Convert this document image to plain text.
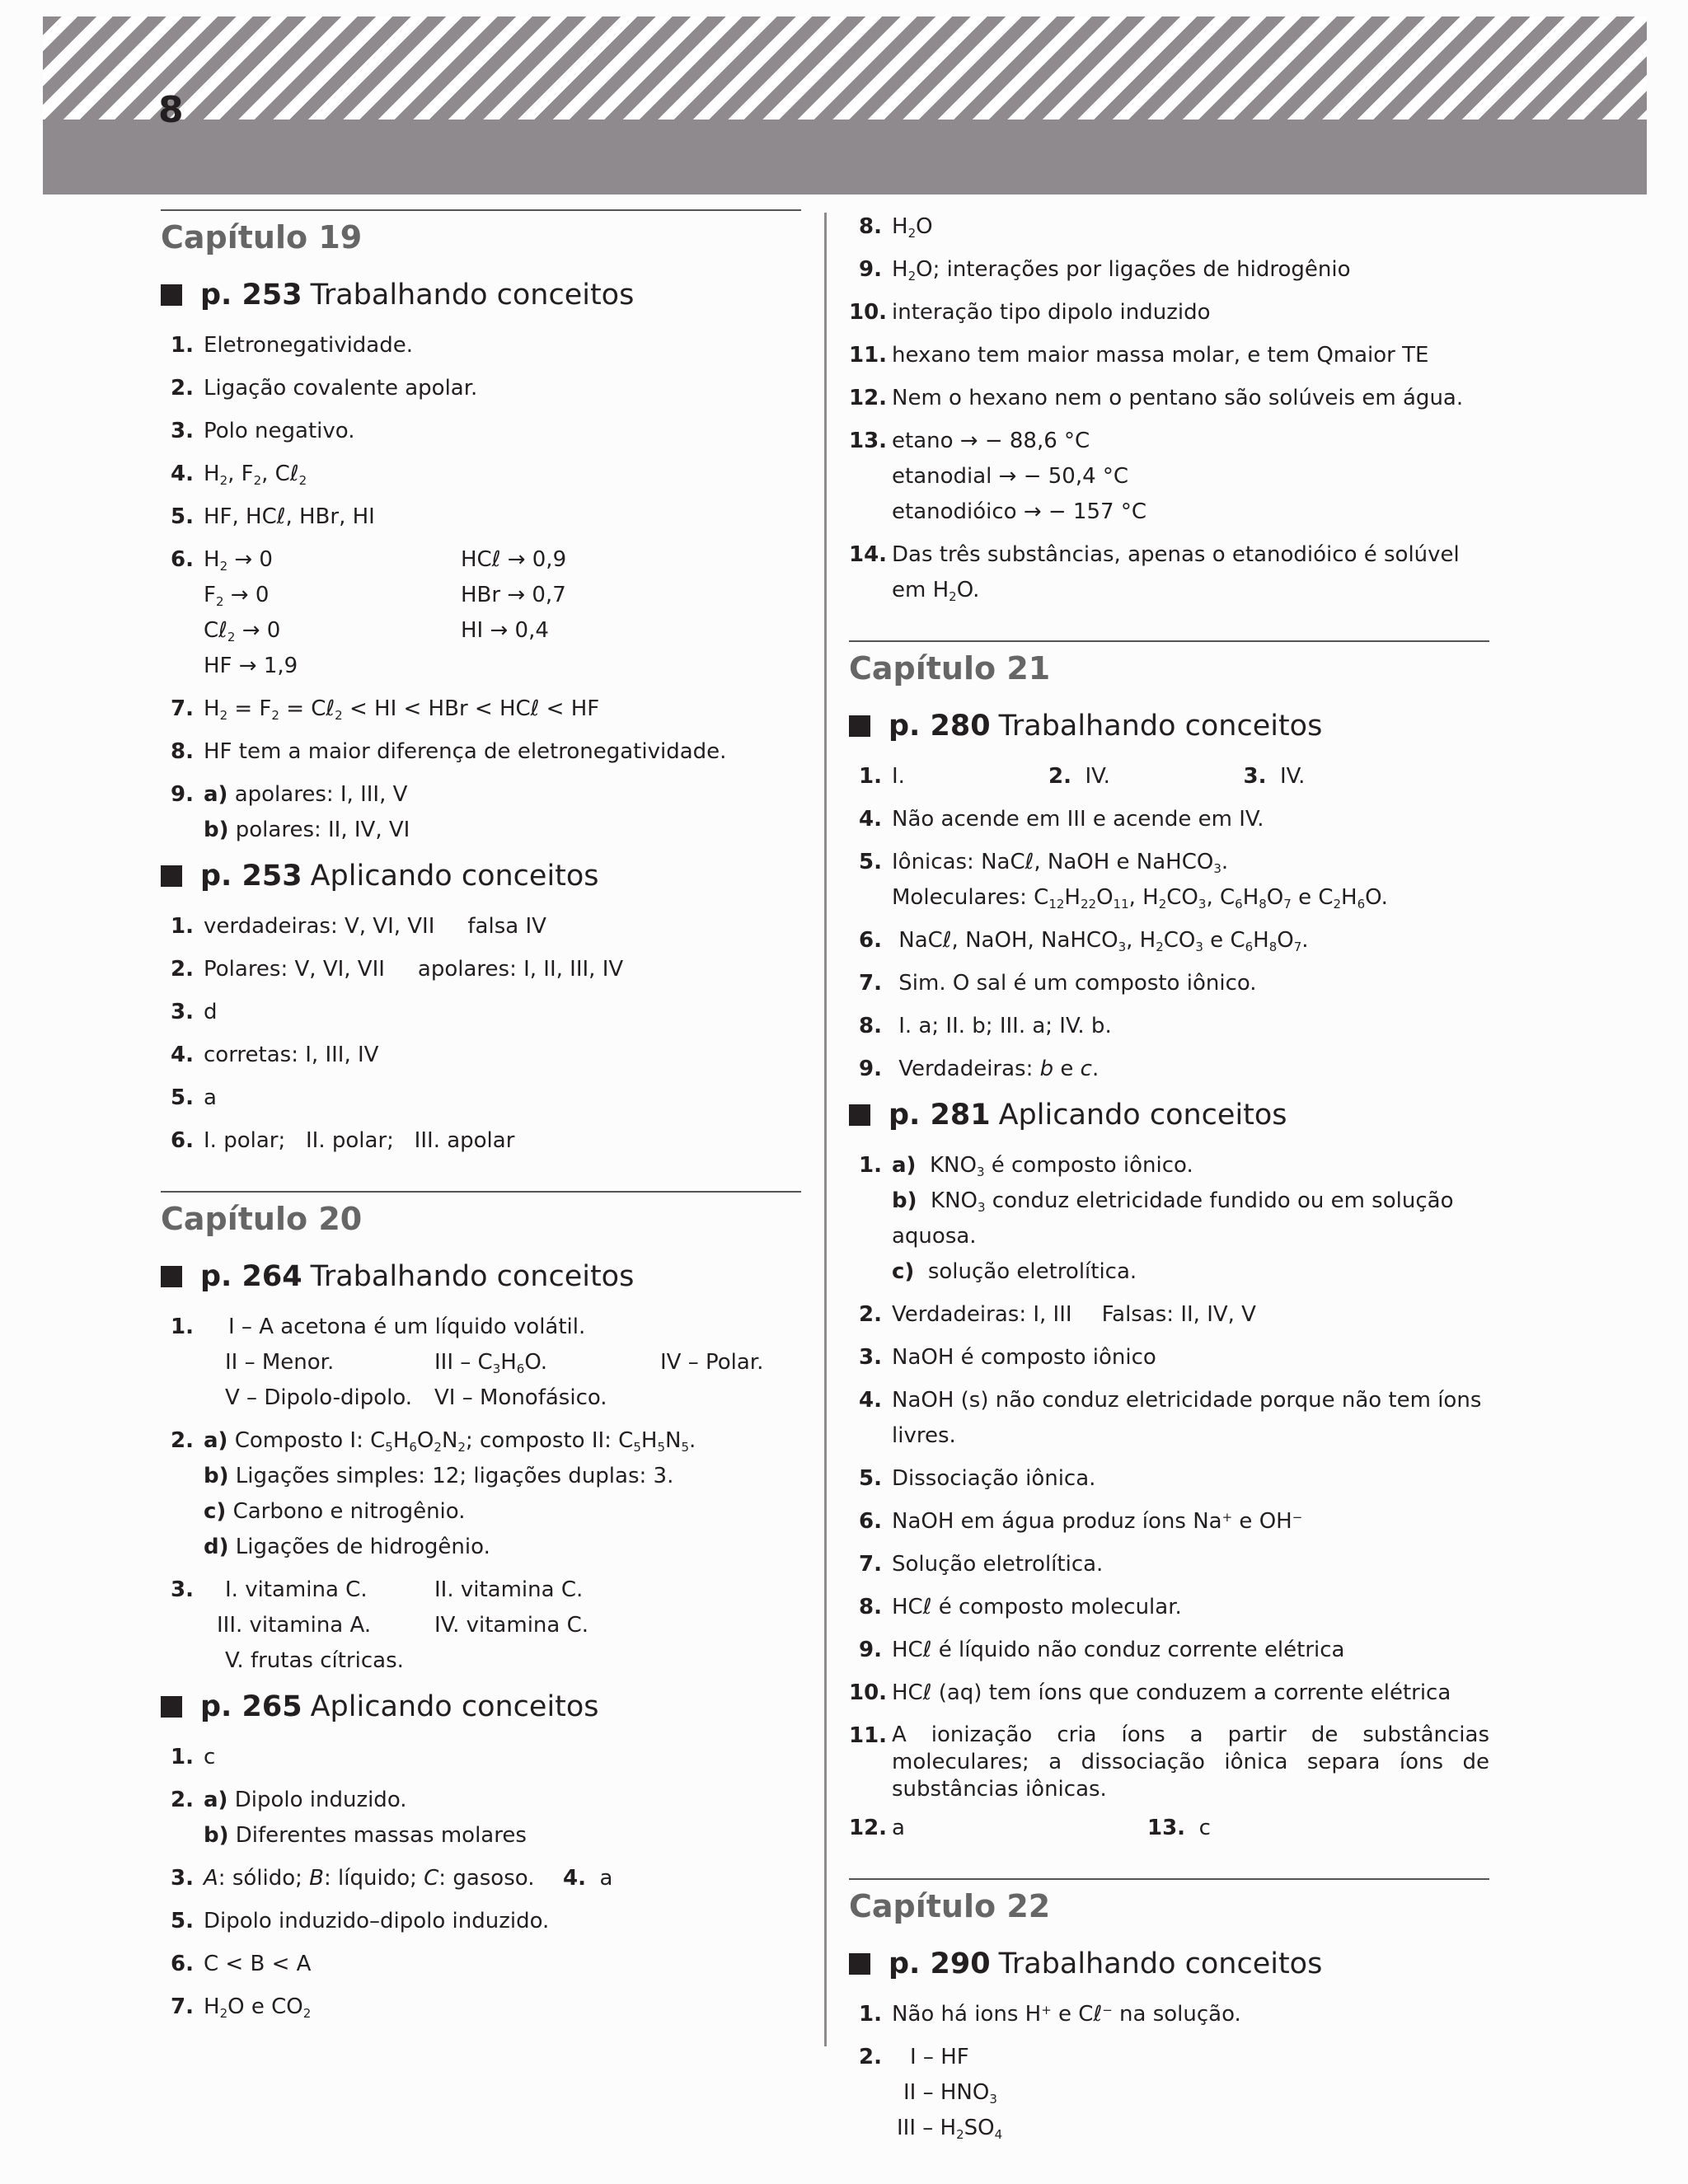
8
Capítulo 19
p. 253 Trabalhando conceitos
1. Eletronegatividade.
2. Ligação covalente apolar.
3. Polo negativo.
4. $H_2$, $F_2$, Cℓ$_2$
5. HF, HCℓ, HBr, HI
6. $H_2 \to 0$	HCℓ → 0,9
$F_2 \to 0$	HBr → 0,7
Cℓ$_2$ → 0	HI → 0,4
HF → 1,9
7. $H_2 = F_2$ = Cℓ$_2$ < HI < HBr < HCℓ < HF
8. HF tem a maior diferença de eletronegatividade.
9. a) apolares: I, III, V
b) polares: II, IV, VI
p. 253 Aplicando conceitos
1. verdadeiras: V, VI, VII falsa IV
2. Polares: V, VI, VII apolares: I, II, III, IV
3. d
4. corretas: I, III, IV
5. a
6. I. polar;   II. polar;   III. apolar
Capítulo 20
p. 264 Trabalhando conceitos
1.	I – A acetona é um líquido volátil.
II – Menor.	III – $C_3H_6O$.	IV – Polar.
V – Dipolo-dipolo.	VI – Monofásico.
2. a) Composto I: $C_5H_6O_2N_2$; composto II: $C_5H_5N_5$.
b) Ligações simples: 12; ligações duplas: 3.
c) Carbono e nitrogênio.
d) Ligações de hidrogênio.
3.	I. vitamina C.	II. vitamina C.
III. vitamina A.	IV. vitamina C.
V. frutas cítricas.
p. 265 Aplicando conceitos
1. c
2. a) Dipolo induzido.
b) Diferentes massas molares
3. A: sólido; B: líquido; C: gasoso. 4. a
5. Dipolo induzido–dipolo induzido.
6. C < B < A
7. $H_2O$ e $CO_2$
8. $H_2O$
9. $H_2O$; interações por ligações de hidrogênio
10. interação tipo dipolo induzido
11. hexano tem maior massa molar, e tem Qmaior TE
12. Nem o hexano nem o pentano são solúveis em água.
13. etano → − 88,6 °C
etanodial → − 50,4 °C
etanodióico → − 157 °C
14. Das três substâncias, apenas o etanodióico é solúvel em $H_2O$.
Capítulo 21
p. 280 Trabalhando conceitos
1. I.	2. IV.	3. IV.
4. Não acende em III e acende em IV.
5. Iônicas: NaCℓ, NaOH e NaHCO$_3$.
Moleculares: $C_{12}H_{22}O_{11}$, $H_2CO_3$, $C_6H_8O_7$ e $C_2H_6O$.
6. NaCℓ, NaOH, NaHCO$_3$, $H_2CO_3$ e $C_6H_8O_7$.
7. Sim. O sal é um composto iônico.
8. I. a; II. b; III. a; IV. b.
9. Verdadeiras: b e c.
p. 281 Aplicando conceitos
1. a)  $KNO_3$ é composto iônico.
b)  $KNO_3$ conduz eletricidade fundido ou em solução aquosa.
c)  solução eletrolítica.
2. Verdadeiras: I, III Falsas: II, IV, V
3. NaOH é composto iônico
4. NaOH (s) não conduz eletricidade porque não tem íons livres.
5. Dissociação iônica.
6. NaOH em água produz íons Na+ e OH−
7. Solução eletrolítica.
8. HCℓ é composto molecular.
9. HCℓ é líquido não conduz corrente elétrica
10. HCℓ (aq) tem íons que conduzem a corrente elétrica
11. A ionização cria íons a partir de substâncias moleculares; a dissociação iônica separa íons de substâncias iônicas.
12. a	13. c
Capítulo 22
p. 290 Trabalhando conceitos
1. Não há ions H+ e Cℓ− na solução.
2.	I – HF
II – $HNO_3$
III – $H_2SO_4$
